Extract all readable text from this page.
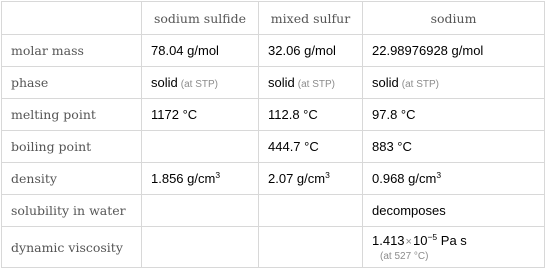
	sodium sulfide	mixed sulfur	sodium
molar mass	78.04 g/mol	32.06 g/mol	22.98976928 g/mol
phase	solid (at STP)	solid (at STP)	solid (at STP)
melting point	1172 °C	112.8 °C	97.8 °C
boiling point		444.7 °C	883 °C
density	1.856 $g/cm^3$	2.07 $g/cm^3$	0.968 $g/cm^3$
solubility in water			decomposes
dynamic viscosity			$1.413\times 10^{-5}$ Pa s
(at 527 °C)
